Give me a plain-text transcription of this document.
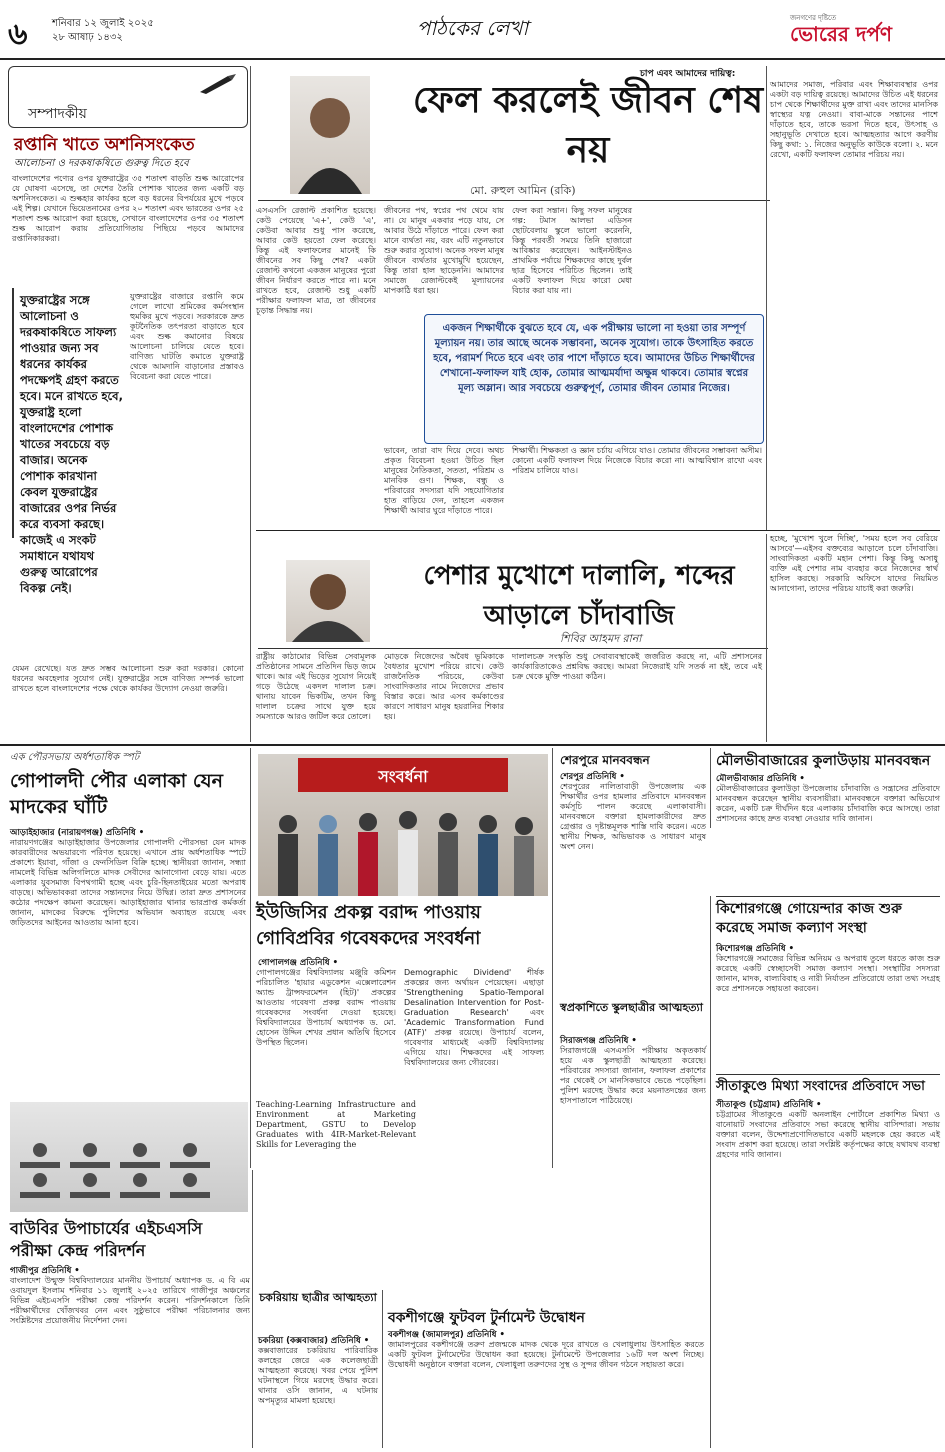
৬ শনিবার ১২ জুলাই ২০২৫
২৮ আষাঢ় ১৪৩২	পাঠকের লেখা	জনগণের দৃষ্টিতে
ভোরের দর্পণ
সম্পাদকীয়
রপ্তানি খাতে অশনিসংকেত
আলোচনা ও দরকষাকষিতে গুরুত্ব দিতে হবে
বাংলাদেশের পণ্যের ওপর যুক্তরাষ্ট্রের ৩৫ শতাংশ বাড়তি শুল্ক আরোপের যে ঘোষণা এসেছে, তা দেশের তৈরি পোশাক খাতের জন্য একটি বড় অশনিসংকেত। এ শুল্কহার কার্যকর হলে বড় ধরনের বিপর্যয়ের মুখে পড়বে এই শিল্প। যেখানে ভিয়েতনামের ওপর ২০ শতাংশ এবং ভারতের ওপর ২৫ শতাংশ শুল্ক আরোপ করা হয়েছে, সেখানে বাংলাদেশের ওপর ৩৫ শতাংশ শুল্ক আরোপ করায় প্রতিযোগিতায় পিছিয়ে পড়বে আমাদের রপ্তানিকারকরা।
যুক্তরাষ্ট্রের সঙ্গে আলোচনা ও দরকষাকষিতে সাফল্য পাওয়ার জন্য সব ধরনের কার্যকর পদক্ষেপই গ্রহণ করতে হবে। মনে রাখতে হবে, যুক্তরাষ্ট্র হলো বাংলাদেশের পোশাক খাতের সবচেয়ে বড় বাজার। অনেক পোশাক কারখানা কেবল যুক্তরাষ্ট্রের বাজারের ওপর নির্ভর করে ব্যবসা করছে। কাজেই এ সংকট সমাধানে যথাযথ গুরুত্ব আরোপের বিকল্প নেই।
যুক্তরাষ্ট্রের বাজারে রপ্তানি কমে গেলে লাখো শ্রমিকের কর্মসংস্থান হুমকির মুখে পড়বে। সরকারকে দ্রুত কূটনৈতিক তৎপরতা বাড়াতে হবে এবং শুল্ক কমানোর বিষয়ে আলোচনা চালিয়ে যেতে হবে। বাণিজ্য ঘাটতি কমাতে যুক্তরাষ্ট্র থেকে আমদানি বাড়ানোর প্রস্তাবও বিবেচনা করা যেতে পারে।
যেমন রেখেছে। যত দ্রুত সম্ভব আলোচনা শুরু করা দরকার। কোনো ধরনের অবহেলার সুযোগ নেই। যুক্তরাষ্ট্রের সঙ্গে বাণিজ্য সম্পর্ক ভালো রাখতে হলে বাংলাদেশের পক্ষে থেকে কার্যকর উদ্যোগ নেওয়া জরুরি।
ফেল করলেই জীবন শেষ নয়
মো. রুহুল আমিন (রকি)
এসএসসি রেজাল্ট প্রকাশিত হয়েছে। কেউ পেয়েছে 'এ+', কেউ 'এ', কেউবা আবার শুধু পাস করেছে, আবার কেউ হয়তো ফেল করেছে। কিন্তু এই ফলাফলের মানেই কি জীবনের সব কিছু শেষ? একটা রেজাল্ট কখনো একজন মানুষের পুরো জীবন নির্ধারণ করতে পারে না। মনে রাখতে হবে, রেজাল্ট শুধু একটি পরীক্ষার ফলাফল মাত্র, তা জীবনের চূড়ান্ত সিদ্ধান্ত নয়।
জীবনের পথ, স্বপ্নের পথ থেমে যায় না। যে মানুষ একবার পড়ে যায়, সে আবার উঠে দাঁড়াতে পারে। ফেল করা মানে ব্যর্থতা নয়, বরং এটি নতুনভাবে শুরু করার সুযোগ। অনেক সফল মানুষ জীবনে ব্যর্থতার মুখোমুখি হয়েছেন, কিন্তু তারা হাল ছাড়েননি। আমাদের সমাজে রেজাল্টকেই মূল্যায়নের মাপকাঠি ধরা হয়।
ফেল করা সন্তান। কিছু সফল মানুষের গল্প: টমাস আলভা এডিসন ছোটবেলায় স্কুলে ভালো করেননি, কিন্তু পরবর্তী সময়ে তিনি হাজারো আবিষ্কার করেছেন। আইনস্টাইনও প্রাথমিক পর্যায়ে শিক্ষকদের কাছে দুর্বল ছাত্র হিসেবে পরিচিত ছিলেন। তাই একটি ফলাফল দিয়ে কারো মেধা বিচার করা যায় না।
চাপ এবং আমাদের দায়িত্ব:
আমাদের সমাজ, পরিবার এবং শিক্ষাব্যবস্থার ওপর একটা বড় দায়িত্ব রয়েছে। আমাদের উচিত এই ধরনের চাপ থেকে শিক্ষার্থীদের মুক্ত রাখা এবং তাদের মানসিক স্বাস্থ্যের যত্ন নেওয়া। বাবা-মাকে সন্তানের পাশে দাঁড়াতে হবে, তাকে ভরসা দিতে হবে, উৎসাহ ও সহানুভূতি দেখাতে হবে। আত্মহত্যার আগে করণীয় কিছু কথা: ১. নিজের অনুভূতি কাউকে বলো। ২. মনে রেখো, একটি ফলাফল তোমার পরিচয় নয়।
একজন শিক্ষার্থীকে বুঝতে হবে যে, এক পরীক্ষায় ভালো না হওয়া তার সম্পূর্ণ মূল্যায়ন নয়। তার আছে অনেক সম্ভাবনা, অনেক সুযোগ। তাকে উৎসাহিত করতে হবে, পরামর্শ দিতে হবে এবং তার পাশে দাঁড়াতে হবে। আমাদের উচিত শিক্ষার্থীদের শেখানো-ফলাফল যাই হোক, তোমার আত্মমর্যাদা অক্ষুন্ন থাকবে। তোমার স্বপ্নের মূল্য অম্লান। আর সবচেয়ে গুরুত্বপূর্ণ, তোমার জীবন তোমার নিজের।
ভাবেন, তারা বাদ দিয়ে দেবে। অথচ প্রকৃত বিবেচনা হওয়া উচিত ছিল মানুষের নৈতিকতা, সততা, পরিশ্রম ও মানবিক গুণ। শিক্ষক, বন্ধু ও পরিবারের সদস্যরা যদি সহযোগিতার হাত বাড়িয়ে দেন, তাহলে একজন শিক্ষার্থী আবার ঘুরে দাঁড়াতে পারে।
শিক্ষার্থী। শিক্ষকতা ও জ্ঞান চর্চায় এগিয়ে যাও। তোমার জীবনের সম্ভাবনা অসীম। কোনো একটি ফলাফল দিয়ে নিজেকে বিচার করো না। আত্মবিশ্বাস রাখো এবং পরিশ্রম চালিয়ে যাও।
পেশার মুখোশে দালালি, শব্দের আড়ালে চাঁদাবাজি
শিবির আহমদ রানা
রাষ্ট্রীয় কাঠামোর বিভিন্ন সেবামূলক প্রতিষ্ঠানের সামনে প্রতিদিন ভিড় জমে থাকে। আর এই ভিড়ের সুযোগ নিয়েই গড়ে উঠেছে একদল দালাল চক্র। থানায় যাবেন ভিকটিম, তখন কিছু দালাল চক্রের সাথে যুক্ত হয়ে সমস্যাকে আরও জটিল করে তোলে।
মোড়কে নিজেদের অবৈধ ভূমিকাকে বৈধতার মুখোশ পরিয়ে রাখে। কেউ রাজনৈতিক পরিচয়ে, কেউবা সাংবাদিকতার নামে নিজেদের প্রভাব বিস্তার করে। আর এসব কর্মকাণ্ডের কারণে সাধারণ মানুষ হয়রানির শিকার হয়।
দালালচক্র সংস্কৃতি শুধু সেবাব্যবস্থাকেই জর্জরিত করছে না, এটি প্রশাসনের কার্যকারিতাকেও প্রশ্নবিদ্ধ করছে। আমরা নিজেরাই যদি সতর্ক না হই, তবে এই চক্র থেকে মুক্তি পাওয়া কঠিন।
হচ্ছে, 'মুখোশ খুলে দিচ্ছি', 'সময় হলে সব বেরিয়ে আসবে'—এইসব বক্তব্যের আড়ালে চলে চাঁদাবাজি। সাংবাদিকতা একটি মহান পেশা। কিন্তু কিছু অসাধু ব্যক্তি এই পেশার নাম ব্যবহার করে নিজেদের স্বার্থ হাসিল করছে। সরকারি অফিসে যাদের নিয়মিত আনাগোনা, তাদের পরিচয় যাচাই করা জরুরি।
এক পৌরসভায় অর্ধশতাধিক স্পট
গোপালদী পৌর এলাকা যেন মাদকের ঘাঁটি
আড়াইহাজার (নারায়ণগঞ্জ) প্রতিনিধি •
নারায়ণগঞ্জের আড়াইহাজার উপজেলার গোপালদী পৌরসভা যেন মাদক কারবারীদের অভয়ারণ্যে পরিণত হয়েছে। এখানে প্রায় অর্ধশতাধিক স্পটে প্রকাশ্যে ইয়াবা, গাঁজা ও ফেনসিডিল বিক্রি হচ্ছে। স্থানীয়রা জানান, সন্ধ্যা নামলেই বিভিন্ন অলিগলিতে মাদক সেবীদের আনাগোনা বেড়ে যায়। এতে এলাকার যুবসমাজ বিপথগামী হচ্ছে এবং চুরি-ছিনতাইয়ের মতো অপরাধ বাড়ছে। অভিভাবকরা তাদের সন্তানদের নিয়ে উদ্বিগ্ন। তারা দ্রুত প্রশাসনের কঠোর পদক্ষেপ কামনা করেছেন। আড়াইহাজার থানার ভারপ্রাপ্ত কর্মকর্তা জানান, মাদকের বিরুদ্ধে পুলিশের অভিযান অব্যাহত রয়েছে এবং জড়িতদের আইনের আওতায় আনা হবে।
সংবর্ধনা
ইউজিসির প্রকল্প বরাদ্দ পাওয়ায় গোবিপ্রবির গবেষকদের সংবর্ধনা
গোপালগঞ্জ প্রতিনিধি •
গোপালগঞ্জের বিশ্ববিদ্যালয় মঞ্জুরি কমিশন পরিচালিত 'হায়ার এডুকেশন এক্সেলারেশন অ্যান্ড ট্রান্সফরমেশন (হিট)' প্রকল্পের আওতায় গবেষণা প্রকল্প বরাদ্দ পাওয়ায় গবেষকদের সংবর্ধনা দেওয়া হয়েছে। বিশ্ববিদ্যালয়ের উপাচার্য অধ্যাপক ড. মো. হোসেন উদ্দিন শেখর প্রধান অতিথি হিসেবে উপস্থিত ছিলেন।
Demographic Dividend' শীর্ষক প্রকল্পের জন্য অর্থায়ন পেয়েছেন। এছাড়া 'Strengthening Spatio-Temporal Desalination Intervention for Post-Graduation Research' এবং 'Academic Transformation Fund (ATF)' প্রকল্প রয়েছে। উপাচার্য বলেন, গবেষণার মাধ্যমেই একটি বিশ্ববিদ্যালয় এগিয়ে যায়। শিক্ষকদের এই সাফল্য বিশ্ববিদ্যালয়ের জন্য গৌরবের।
Teaching-Learning Infrastructure and Environment at Marketing Department, GSTU to Develop Graduates with 4IR-Market-Relevant Skills for Leveraging the
শেরপুরে মানববন্ধন
শেরপুর প্রতিনিধি •
শেরপুরের নালিতাবাড়ী উপজেলায় এক শিক্ষার্থীর ওপর হামলার প্রতিবাদে মানববন্ধন কর্মসূচি পালন করেছে এলাকাবাসী। মানববন্ধনে বক্তারা হামলাকারীদের দ্রুত গ্রেপ্তার ও দৃষ্টান্তমূলক শাস্তি দাবি করেন। এতে স্থানীয় শিক্ষক, অভিভাবক ও সাধারণ মানুষ অংশ নেন।
স্বপ্রকাশিতে স্কুলছাত্রীর আত্মহত্যা
সিরাজগঞ্জ প্রতিনিধি •
সিরাজগঞ্জে এসএসসি পরীক্ষায় অকৃতকার্য হয়ে এক স্কুলছাত্রী আত্মহত্যা করেছে। পরিবারের সদস্যরা জানান, ফলাফল প্রকাশের পর থেকেই সে মানসিকভাবে ভেঙে পড়েছিল। পুলিশ মরদেহ উদ্ধার করে ময়নাতদন্তের জন্য হাসপাতালে পাঠিয়েছে।
মৌলভীবাজারের কুলাউড়ায় মানববন্ধন
মৌলভীবাজার প্রতিনিধি •
মৌলভীবাজারের কুলাউড়া উপজেলায় চাঁদাবাজি ও সন্ত্রাসের প্রতিবাদে মানববন্ধন করেছেন স্থানীয় ব্যবসায়ীরা। মানববন্ধনে বক্তারা অভিযোগ করেন, একটি চক্র দীর্ঘদিন ধরে এলাকায় চাঁদাবাজি করে আসছে। তারা প্রশাসনের কাছে দ্রুত ব্যবস্থা নেওয়ার দাবি জানান।
কিশোরগঞ্জে গোয়েন্দার কাজ শুরু করেছে সমাজ কল্যাণ সংস্থা
কিশোরগঞ্জ প্রতিনিধি •
কিশোরগঞ্জে সমাজের বিভিন্ন অনিয়ম ও অপরাধ তুলে ধরতে কাজ শুরু করেছে একটি স্বেচ্ছাসেবী সমাজ কল্যাণ সংস্থা। সংস্থাটির সদস্যরা জানান, মাদক, বাল্যবিবাহ ও নারী নির্যাতন প্রতিরোধে তারা তথ্য সংগ্রহ করে প্রশাসনকে সহায়তা করবেন।
সীতাকুণ্ডে মিথ্যা সংবাদের প্রতিবাদে সভা
সীতাকুণ্ড (চট্টগ্রাম) প্রতিনিধি •
চট্টগ্রামের সীতাকুণ্ডে একটি অনলাইন পোর্টালে প্রকাশিত মিথ্যা ও বানোয়াট সংবাদের প্রতিবাদে সভা করেছে স্থানীয় বাসিন্দারা। সভায় বক্তারা বলেন, উদ্দেশ্যপ্রণোদিতভাবে একটি মহলকে হেয় করতে এই সংবাদ প্রকাশ করা হয়েছে। তারা সংশ্লিষ্ট কর্তৃপক্ষের কাছে যথাযথ ব্যবস্থা গ্রহণের দাবি জানান।
বাউবির উপাচার্যের এইচএসসি পরীক্ষা কেন্দ্র পরিদর্শন
গাজীপুর প্রতিনিধি •
বাংলাদেশ উন্মুক্ত বিশ্ববিদ্যালয়ের মাননীয় উপাচার্য অধ্যাপক ড. এ বি এম ওবায়দুল ইসলাম শনিবার ১১ জুলাই ২০২৫ তারিখে গাজীপুর অঞ্চলের বিভিন্ন এইচএসসি পরীক্ষা কেন্দ্র পরিদর্শন করেন। পরিদর্শনকালে তিনি পরীক্ষার্থীদের খোঁজখবর নেন এবং সুষ্ঠুভাবে পরীক্ষা পরিচালনার জন্য সংশ্লিষ্টদের প্রয়োজনীয় নির্দেশনা দেন।
চকরিয়ায় ছাত্রীর আত্মহত্যা
চকরিয়া (কক্সবাজার) প্রতিনিধি •
কক্সবাজারের চকরিয়ায় পারিবারিক কলহের জেরে এক কলেজছাত্রী আত্মহত্যা করেছে। খবর পেয়ে পুলিশ ঘটনাস্থলে গিয়ে মরদেহ উদ্ধার করে। থানার ওসি জানান, এ ঘটনায় অপমৃত্যুর মামলা হয়েছে।
বকশীগঞ্জে ফুটবল টুর্নামেন্ট উদ্বোধন
বকশীগঞ্জ (জামালপুর) প্রতিনিধি •
জামালপুরের বকশীগঞ্জে তরুণ প্রজন্মকে মাদক থেকে দূরে রাখতে ও খেলাধুলায় উৎসাহিত করতে একটি ফুটবল টুর্নামেন্টের উদ্বোধন করা হয়েছে। টুর্নামেন্টে উপজেলার ১৬টি দল অংশ নিচ্ছে। উদ্বোধনী অনুষ্ঠানে বক্তারা বলেন, খেলাধুলা তরুণদের সুস্থ ও সুন্দর জীবন গঠনে সহায়তা করে।
